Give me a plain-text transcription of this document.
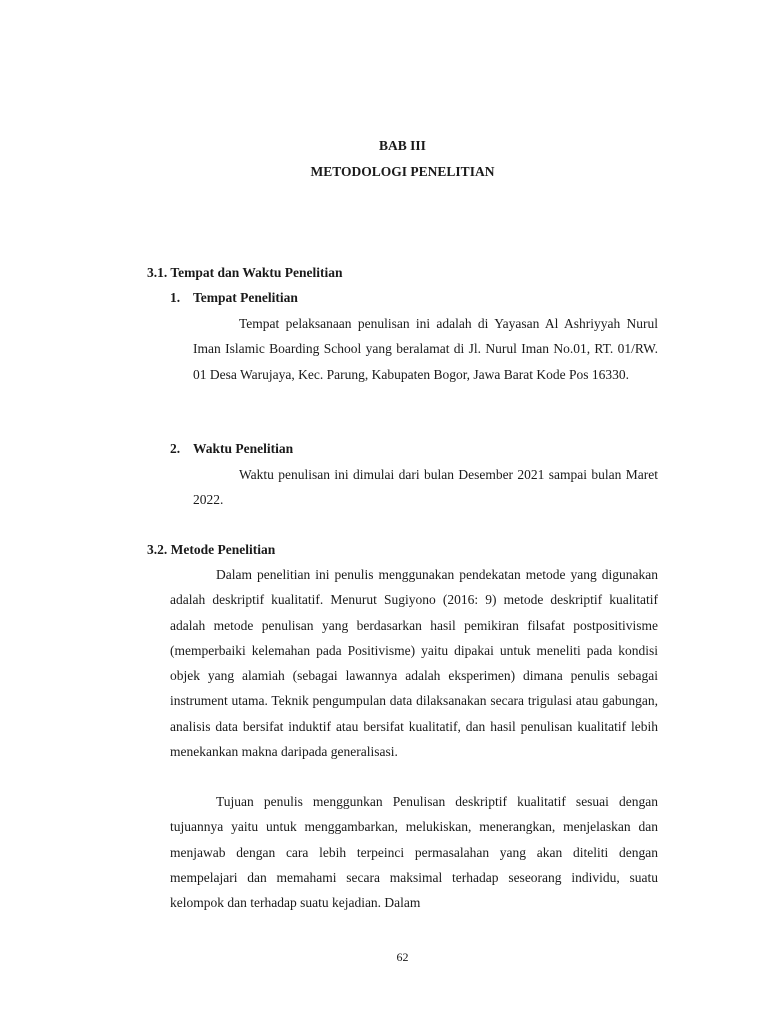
BAB III
METODOLOGI PENELITIAN
3.1. Tempat dan Waktu Penelitian
1. Tempat Penelitian

Tempat pelaksanaan penulisan ini adalah di Yayasan Al Ashriyyah Nurul Iman Islamic Boarding School yang beralamat di Jl. Nurul Iman No.01, RT. 01/RW. 01 Desa Warujaya, Kec. Parung, Kabupaten Bogor, Jawa Barat Kode Pos 16330.

2. Waktu Penelitian

Waktu penulisan ini dimulai dari bulan Desember 2021 sampai bulan Maret 2022.

3.2. Metode Penelitian

Dalam penelitian ini penulis menggunakan pendekatan metode yang digunakan adalah deskriptif kualitatif. Menurut Sugiyono (2016: 9) metode deskriptif kualitatif adalah metode penulisan yang berdasarkan hasil pemikiran filsafat postpositivisme (memperbaiki kelemahan pada Positivisme) yaitu dipakai untuk meneliti pada kondisi objek yang alamiah (sebagai lawannya adalah eksperimen) dimana penulis sebagai instrument utama. Teknik pengumpulan data dilaksanakan secara trigulasi atau gabungan, analisis data bersifat induktif atau bersifat kualitatif, dan hasil penulisan kualitatif lebih menekankan makna daripada generalisasi.

Tujuan penulis menggunkan Penulisan deskriptif kualitatif sesuai dengan tujuannya yaitu untuk menggambarkan, melukiskan, menerangkan, menjelaskan dan menjawab dengan cara lebih terpeinci permasalahan yang akan diteliti dengan mempelajari dan memahami secara maksimal terhadap seseorang individu, suatu kelompok dan terhadap suatu kejadian. Dalam

62
